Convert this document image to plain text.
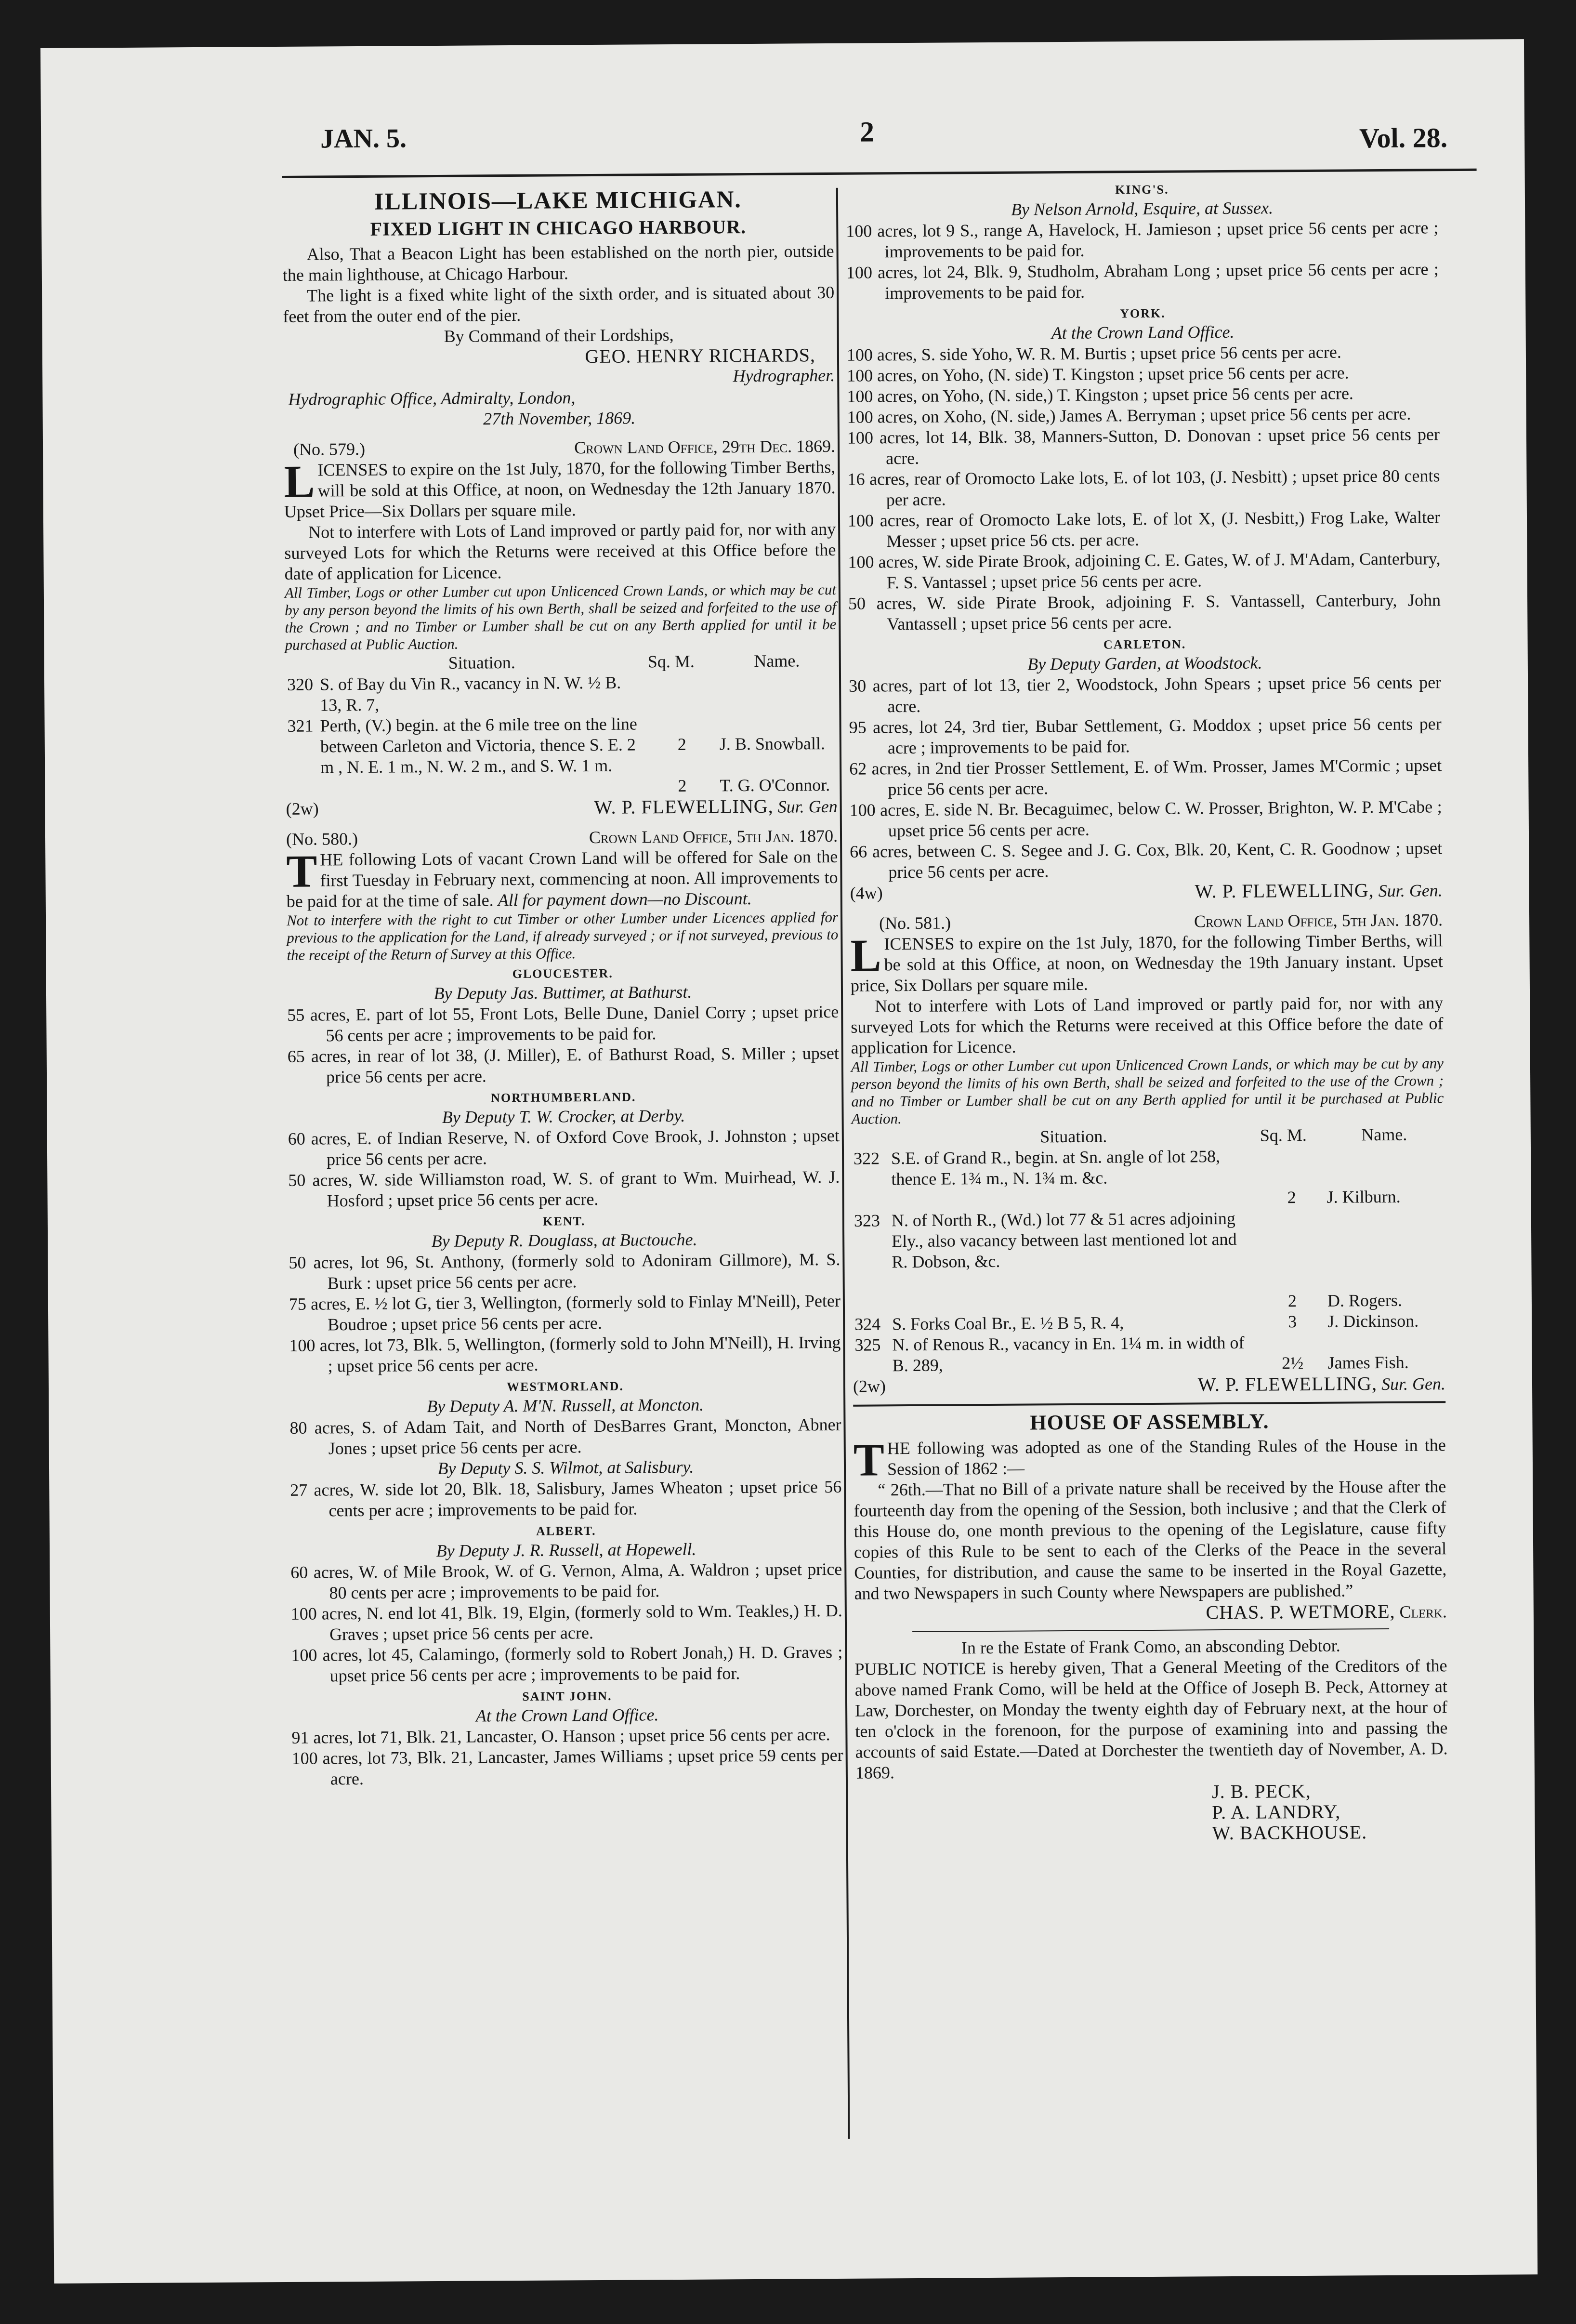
JAN. 5.	2	Vol. 28.
ILLINOIS—LAKE MICHIGAN.
FIXED LIGHT IN CHICAGO HARBOUR.

Also, That a Beacon Light has been established on the north pier, outside the main lighthouse, at Chicago Harbour.

The light is a fixed white light of the sixth order, and is situated about 30 feet from the outer end of the pier.

By Command of their Lordships,

GEO. HENRY RICHARDS,

Hydrographer.

Hydrographic Office, Admiralty, London,

27th November, 1869.

(No. 579.)	Crown Land Office, 29th Dec. 1869.

LICENSES to expire on the 1st July, 1870, for the following Timber Berths, will be sold at this Office, at noon, on Wednesday the 12th January 1870. Upset Price—Six Dollars per square mile.

Not to interfere with Lots of Land improved or partly paid for, nor with any surveyed Lots for which the Returns were received at this Office before the date of application for Licence.

All Timber, Logs or other Lumber cut upon Unlicenced Crown Lands, or which may be cut by any person beyond the limits of his own Berth, shall be seized and forfeited to the use of the Crown ; and no Timber or Lumber shall be cut on any Berth applied for until it be purchased at Public Auction.

	Situation.	Sq. M.	Name.
320	S. of Bay du Vin R., vacancy in N. W. ½ B. 13, R. 7,		
321	Perth, (V.) begin. at the 6 mile tree on the line between Carleton and Victoria, thence S. E. 2 m , N. E. 1 m., N. W. 2 m., and S. W. 1 m.	2	J. B. Snowball.
		2	T. G. O'Connor.
(2w)	W. P. FLEWELLING, Sur. Gen
(No. 580.)	Crown Land Office, 5th Jan. 1870.

THE following Lots of vacant Crown Land will be offered for Sale on the first Tuesday in February next, commencing at noon. All improvements to be paid for at the time of sale. All for payment down—no Discount.

Not to interfere with the right to cut Timber or other Lumber under Licences applied for previous to the application for the Land, if already surveyed ; or if not surveyed, previous to the receipt of the Return of Survey at this Office.

GLOUCESTER.

By Deputy Jas. Buttimer, at Bathurst.

55 acres, E. part of lot 55, Front Lots, Belle Dune, Daniel Corry ; upset price 56 cents per acre ; improvements to be paid for.

65 acres, in rear of lot 38, (J. Miller), E. of Bathurst Road, S. Miller ; upset price 56 cents per acre.

NORTHUMBERLAND.

By Deputy T. W. Crocker, at Derby.

60 acres, E. of Indian Reserve, N. of Oxford Cove Brook, J. Johnston ; upset price 56 cents per acre.

50 acres, W. side Williamston road, W. S. of grant to Wm. Muirhead, W. J. Hosford ; upset price 56 cents per acre.

KENT.

By Deputy R. Douglass, at Buctouche.

50 acres, lot 96, St. Anthony, (formerly sold to Adoniram Gillmore), M. S. Burk : upset price 56 cents per acre.

75 acres, E. ½ lot G, tier 3, Wellington, (formerly sold to Finlay M'Neill), Peter Boudroe ; upset price 56 cents per acre.

100 acres, lot 73, Blk. 5, Wellington, (formerly sold to John M'Neill), H. Irving ; upset price 56 cents per acre.

WESTMORLAND.

By Deputy A. M'N. Russell, at Moncton.

80 acres, S. of Adam Tait, and North of DesBarres Grant, Moncton, Abner Jones ; upset price 56 cents per acre.

By Deputy S. S. Wilmot, at Salisbury.

27 acres, W. side lot 20, Blk. 18, Salisbury, James Wheaton ; upset price 56 cents per acre ; improvements to be paid for.

ALBERT.

By Deputy J. R. Russell, at Hopewell.

60 acres, W. of Mile Brook, W. of G. Vernon, Alma, A. Waldron ; upset price 80 cents per acre ; improvements to be paid for.

100 acres, N. end lot 41, Blk. 19, Elgin, (formerly sold to Wm. Teakles,) H. D. Graves ; upset price 56 cents per acre.

100 acres, lot 45, Calamingo, (formerly sold to Robert Jonah,) H. D. Graves ; upset price 56 cents per acre ; improvements to be paid for.

SAINT JOHN.

At the Crown Land Office.

91 acres, lot 71, Blk. 21, Lancaster, O. Hanson ; upset price 56 cents per acre.

100 acres, lot 73, Blk. 21, Lancaster, James Williams ; upset price 59 cents per acre.

KING'S.

By Nelson Arnold, Esquire, at Sussex.

100 acres, lot 9 S., range A, Havelock, H. Jamieson ; upset price 56 cents per acre ; improvements to be paid for.

100 acres, lot 24, Blk. 9, Studholm, Abraham Long ; upset price 56 cents per acre ; improvements to be paid for.

YORK.

At the Crown Land Office.

100 acres, S. side Yoho, W. R. M. Burtis ; upset price 56 cents per acre.

100 acres, on Yoho, (N. side) T. Kingston ; upset price 56 cents per acre.

100 acres, on Yoho, (N. side,) T. Kingston ; upset price 56 cents per acre.

100 acres, on Xoho, (N. side,) James A. Berryman ; upset price 56 cents per acre.

100 acres, lot 14, Blk. 38, Manners-Sutton, D. Donovan : upset price 56 cents per acre.

16 acres, rear of Oromocto Lake lots, E. of lot 103, (J. Nesbitt) ; upset price 80 cents per acre.

100 acres, rear of Oromocto Lake lots, E. of lot X, (J. Nesbitt,) Frog Lake, Walter Messer ; upset price 56 cts. per acre.

100 acres, W. side Pirate Brook, adjoining C. E. Gates, W. of J. M'Adam, Canterbury, F. S. Vantassel ; upset price 56 cents per acre.

50 acres, W. side Pirate Brook, adjoining F. S. Vantassell, Canterbury, John Vantassell ; upset price 56 cents per acre.

CARLETON.

By Deputy Garden, at Woodstock.

30 acres, part of lot 13, tier 2, Woodstock, John Spears ; upset price 56 cents per acre.

95 acres, lot 24, 3rd tier, Bubar Settlement, G. Moddox ; upset price 56 cents per acre ; improvements to be paid for.

62 acres, in 2nd tier Prosser Settlement, E. of Wm. Prosser, James M'Cormic ; upset price 56 cents per acre.

100 acres, E. side N. Br. Becaguimec, below C. W. Prosser, Brighton, W. P. M'Cabe ; upset price 56 cents per acre.

66 acres, between C. S. Segee and J. G. Cox, Blk. 20, Kent, C. R. Goodnow ; upset price 56 cents per acre.

(4w)	W. P. FLEWELLING, Sur. Gen.
(No. 581.)	Crown Land Office, 5th Jan. 1870.

LICENSES to expire on the 1st July, 1870, for the following Timber Berths, will be sold at this Office, at noon, on Wednesday the 19th January instant. Upset price, Six Dollars per square mile.

Not to interfere with Lots of Land improved or partly paid for, nor with any surveyed Lots for which the Returns were received at this Office before the date of application for Licence.

All Timber, Logs or other Lumber cut upon Unlicenced Crown Lands, or which may be cut by any person beyond the limits of his own Berth, shall be seized and forfeited to the use of the Crown ; and no Timber or Lumber shall be cut on any Berth applied for until it be purchased at Public Auction.

	Situation.	Sq. M.	Name.
322	S.E. of Grand R., begin. at Sn. angle of lot 258, thence E. 1¾ m., N. 1¾ m. &c.	2	J. Kilburn.
323	N. of North R., (Wd.) lot 77 & 51 acres adjoining Ely., also vacancy between last mentioned lot and R. Dobson, &c.	2	D. Rogers.
324	S. Forks Coal Br., E. ½ B 5, R. 4,	3	J. Dickinson.
325	N. of Renous R., vacancy in En. 1¼ m. in width of B. 289,	2½	James Fish.
(2w)	W. P. FLEWELLING, Sur. Gen.
HOUSE OF ASSEMBLY.

THE following was adopted as one of the Standing Rules of the House in the Session of 1862 :—

“ 26th.—That no Bill of a private nature shall be received by the House after the fourteenth day from the opening of the Session, both inclusive ; and that the Clerk of this House do, one month previous to the opening of the Legislature, cause fifty copies of this Rule to be sent to each of the Clerks of the Peace in the several Counties, for distribution, and cause the same to be inserted in the Royal Gazette, and two Newspapers in such County where Newspapers are published.”

CHAS. P. WETMORE, Clerk.

In re the Estate of Frank Como, an absconding Debtor.

PUBLIC NOTICE is hereby given, That a General Meeting of the Creditors of the above named Frank Como, will be held at the Office of Joseph B. Peck, Attorney at Law, Dorchester, on Monday the twenty eighth day of February next, at the hour of ten o'clock in the forenoon, for the purpose of examining into and passing the accounts of said Estate.—Dated at Dorchester the twentieth day of November, A. D. 1869.

J. B. PECK,

P. A. LANDRY,

W. BACKHOUSE.
